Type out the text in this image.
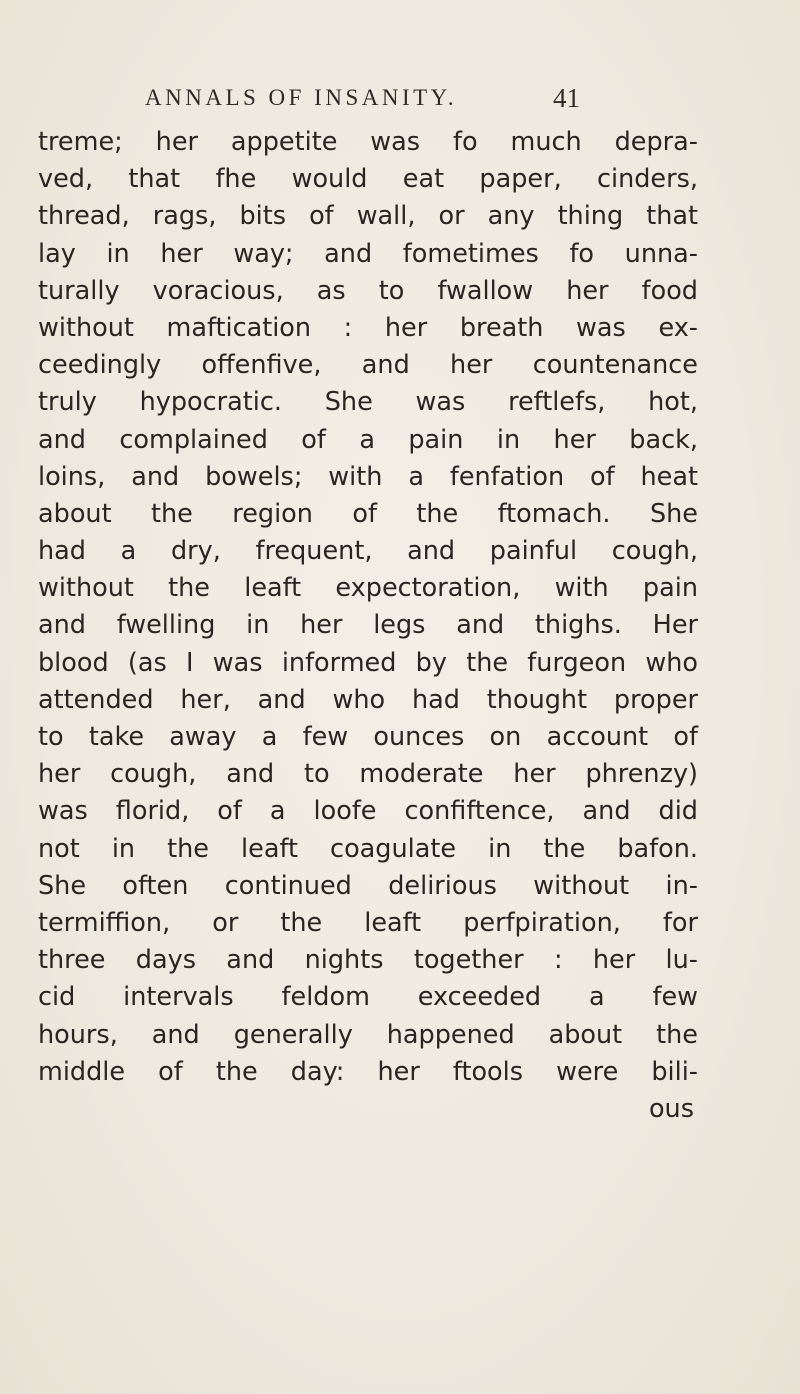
ANNALS OF INSANITY.	41
treme; her appetite was fo much depra-
ved, that fhe would eat paper, cinders,
thread, rags, bits of wall, or any thing that
lay in her way; and fometimes fo unna-
turally voracious, as to fwallow her food
without maftication : her breath was ex-
ceedingly offenfive, and her countenance
truly hypocratic. She was reftlefs, hot,
and complained of a pain in her back,
loins, and bowels; with a fenfation of heat
about the region of the ftomach. She
had a dry, frequent, and painful cough,
without the leaft expectoration, with pain
and fwelling in her legs and thighs. Her
blood (as I was informed by the furgeon who
attended her, and who had thought proper
to take away a few ounces on account of
her cough, and to moderate her phrenzy)
was florid, of a loofe confiftence, and did
not in the leaft coagulate in the bafon.
She often continued delirious without in-
termiffion, or the leaft perfpiration, for
three days and nights together : her lu-
cid intervals feldom exceeded a few
hours, and generally happened about the
middle of the day: her ftools were bili-
ous
